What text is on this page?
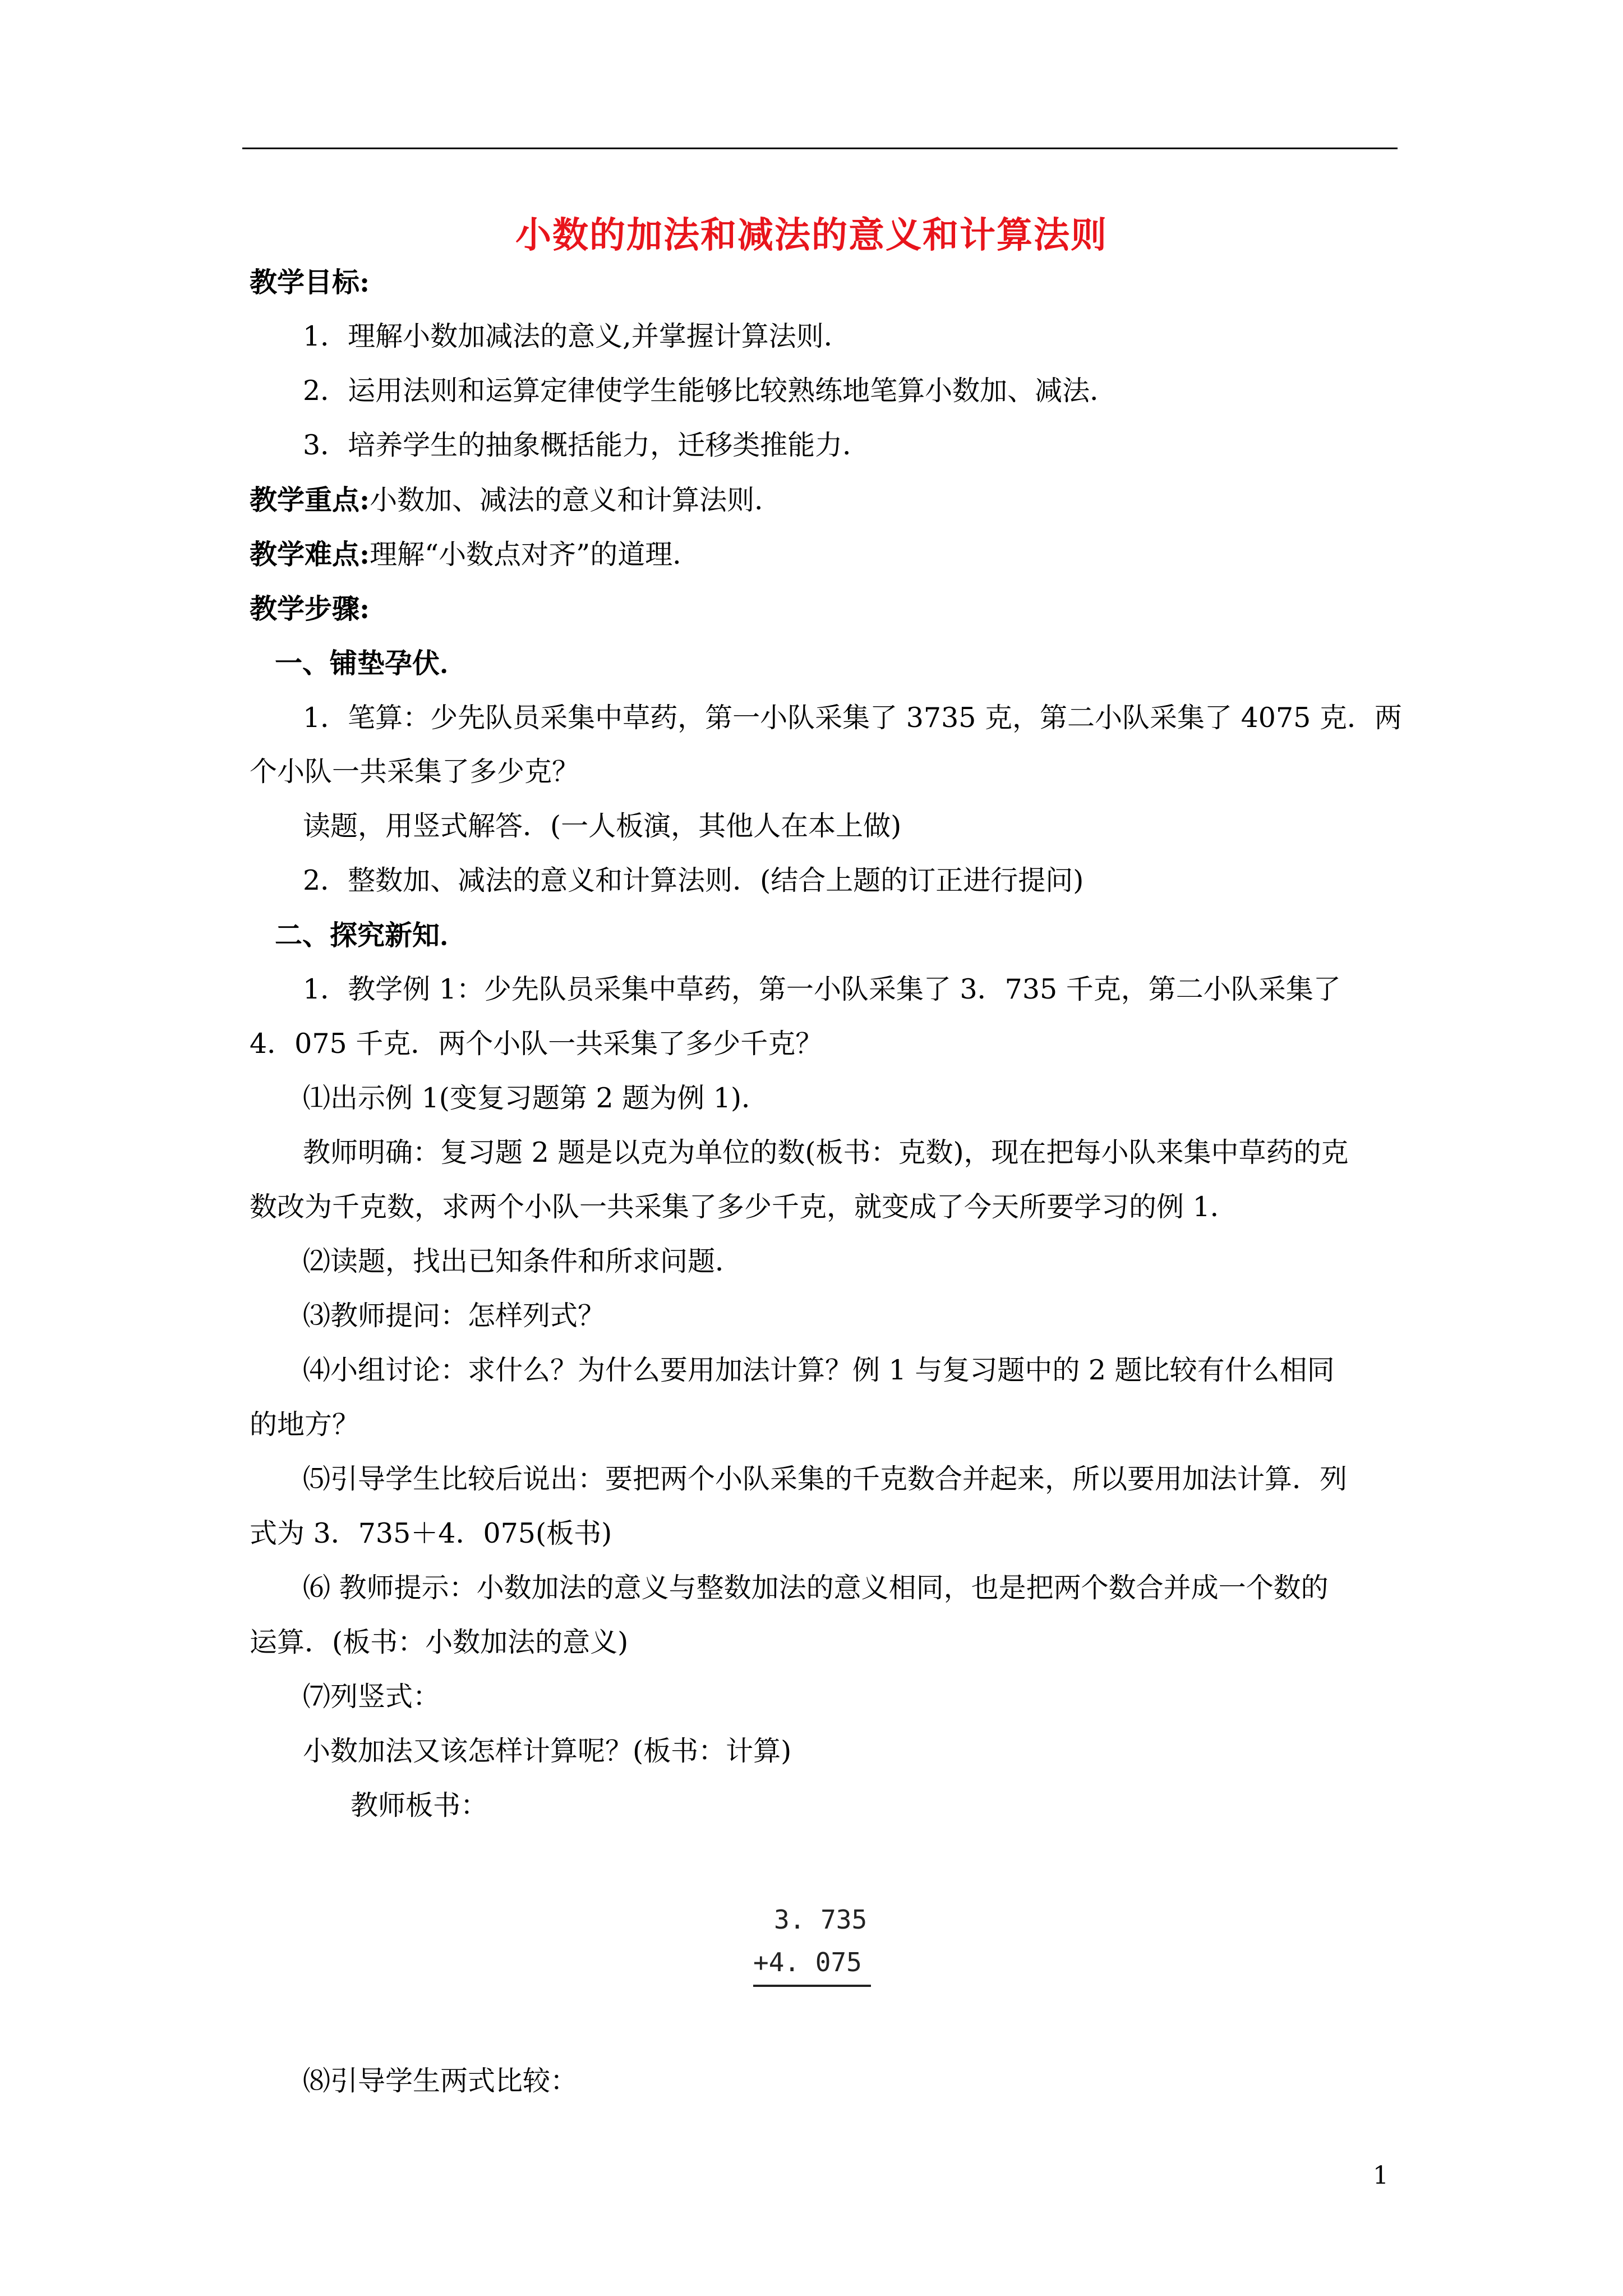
小数的加法和减法的意义和计算法则
教学目标:
1．理解小数加减法的意义,并掌握计算法则．
2．运用法则和运算定律使学生能够比较熟练地笔算小数加、减法．
3．培养学生的抽象概括能力，迁移类推能力．
教学重点:小数加、减法的意义和计算法则．
教学难点:理解“小数点对齐”的道理．
教学步骤:
一、铺垫孕伏．
1．笔算：少先队员采集中草药，第一小队采集了 3735 克，第二小队采集了 4075 克．两
个小队一共采集了多少克？
读题，用竖式解答．(一人板演，其他人在本上做)
2．整数加、减法的意义和计算法则．(结合上题的订正进行提问)
二、探究新知．
1．教学例 1：少先队员采集中草药，第一小队采集了 3．735 千克，第二小队采集了
4．075 千克．两个小队一共采集了多少千克？
⑴出示例 1(变复习题第 2 题为例 1)．
教师明确：复习题 2 题是以克为单位的数(板书：克数)，现在把每小队来集中草药的克
数改为千克数，求两个小队一共采集了多少千克，就变成了今天所要学习的例 1．
⑵读题，找出已知条件和所求问题．
⑶教师提问：怎样列式？
⑷小组讨论：求什么？为什么要用加法计算？例 1 与复习题中的 2 题比较有什么相同
的地方？
⑸引导学生比较后说出：要把两个小队采集的千克数合并起来，所以要用加法计算．列
式为 3．735＋4．075(板书)
⑹ 教师提示：小数加法的意义与整数加法的意义相同，也是把两个数合并成一个数的
运算．(板书：小数加法的意义)
⑺列竖式：
小数加法又该怎样计算呢？(板书：计算)
教师板书：
3. 735
+4. 075
⑻引导学生两式比较：
1
